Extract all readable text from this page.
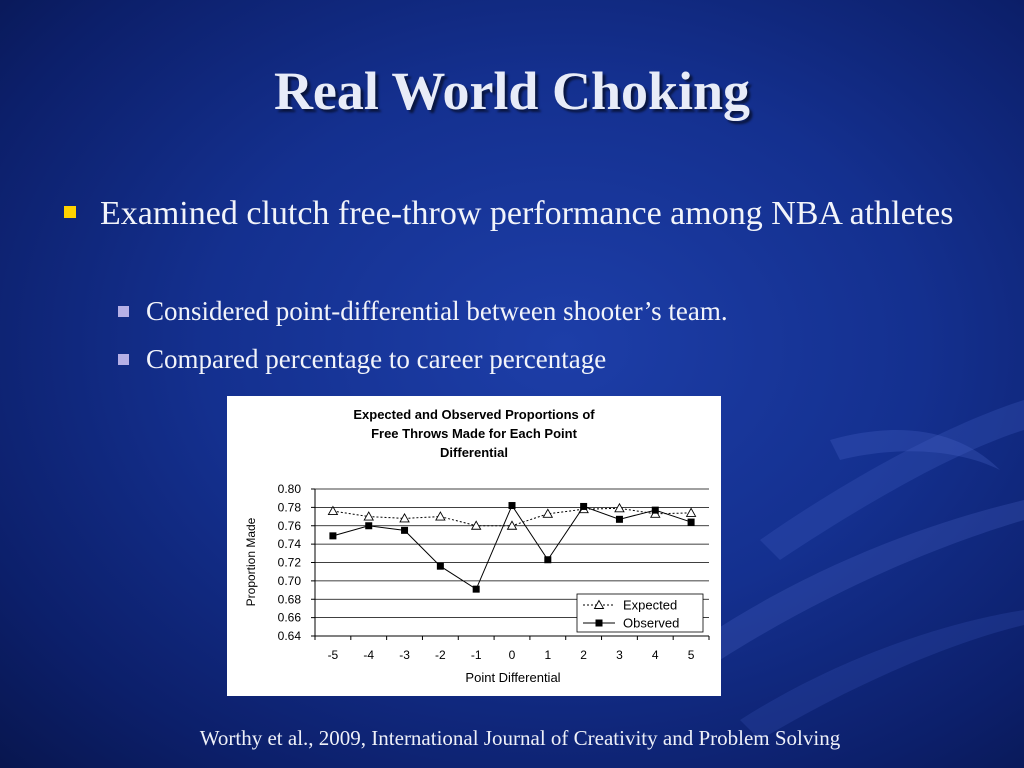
Real World Choking
Examined clutch free-throw performance among NBA athletes
Considered point-differential between shooter’s team.
Compared percentage to career percentage
Expected and Observed Proportions of
Free Throws Made for Each Point
Differential
Proportion Made
Point Differential
0.80
0.78
0.76
0.74
0.72
0.70
0.68
0.66
0.64
-5 -4 -3 -2 -1 0 1 2 3 4 5
Expected
Observed
Worthy et al., 2009, International Journal of Creativity and Problem Solving
